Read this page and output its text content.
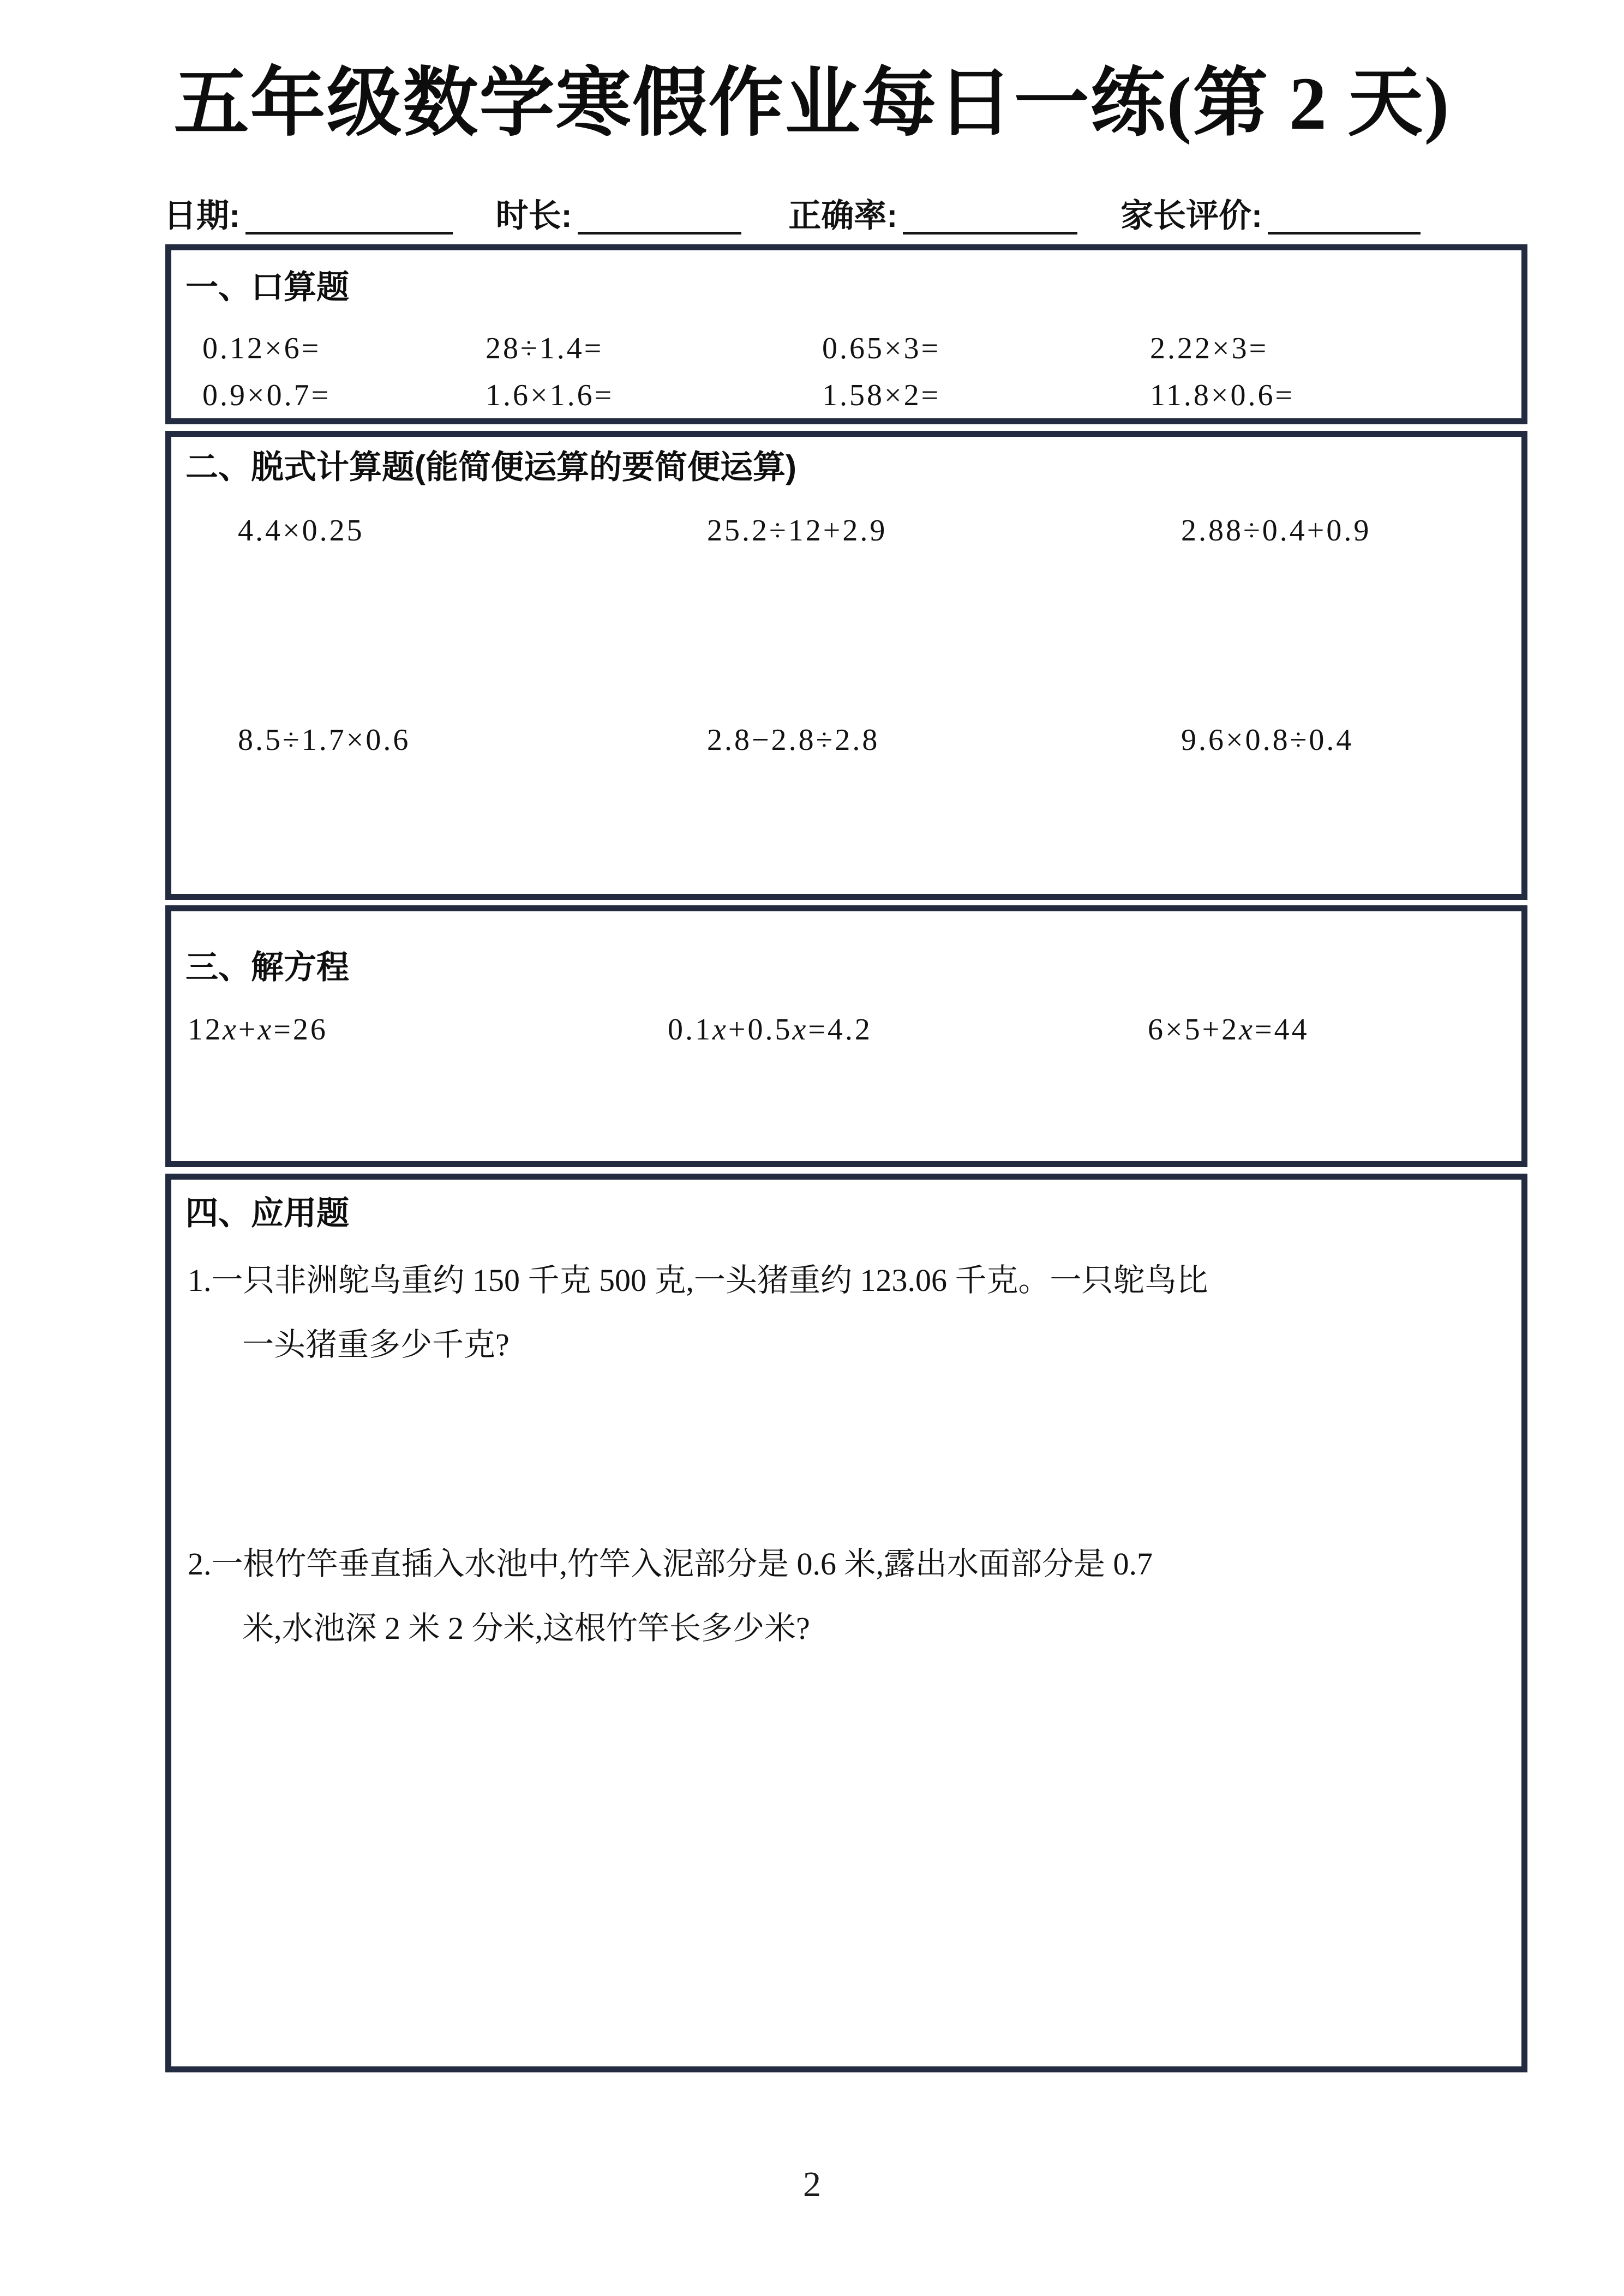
五年级数学寒假作业每日一练(第 2 天)
日期:	时长:	正确率:	家长评价:
一、口算题
0.12×6=	28÷1.4=	0.65×3=	2.22×3=
0.9×0.7=	1.6×1.6=	1.58×2=	11.8×0.6=
二、脱式计算题(能简便运算的要简便运算)
4.4×0.25	25.2÷12+2.9	2.88÷0.4+0.9
8.5÷1.7×0.6	2.8−2.8÷2.8	9.6×0.8÷0.4
三、解方程
12x+x=26	0.1x+0.5x=4.2	6×5+2x=44
四、应用题
1.一只非洲鸵鸟重约 150 千克 500 克,一头猪重约 123.06 千克。一只鸵鸟比
一头猪重多少千克?
2.一根竹竿垂直插入水池中,竹竿入泥部分是 0.6 米,露出水面部分是 0.7
米,水池深 2 米 2 分米,这根竹竿长多少米?
2
